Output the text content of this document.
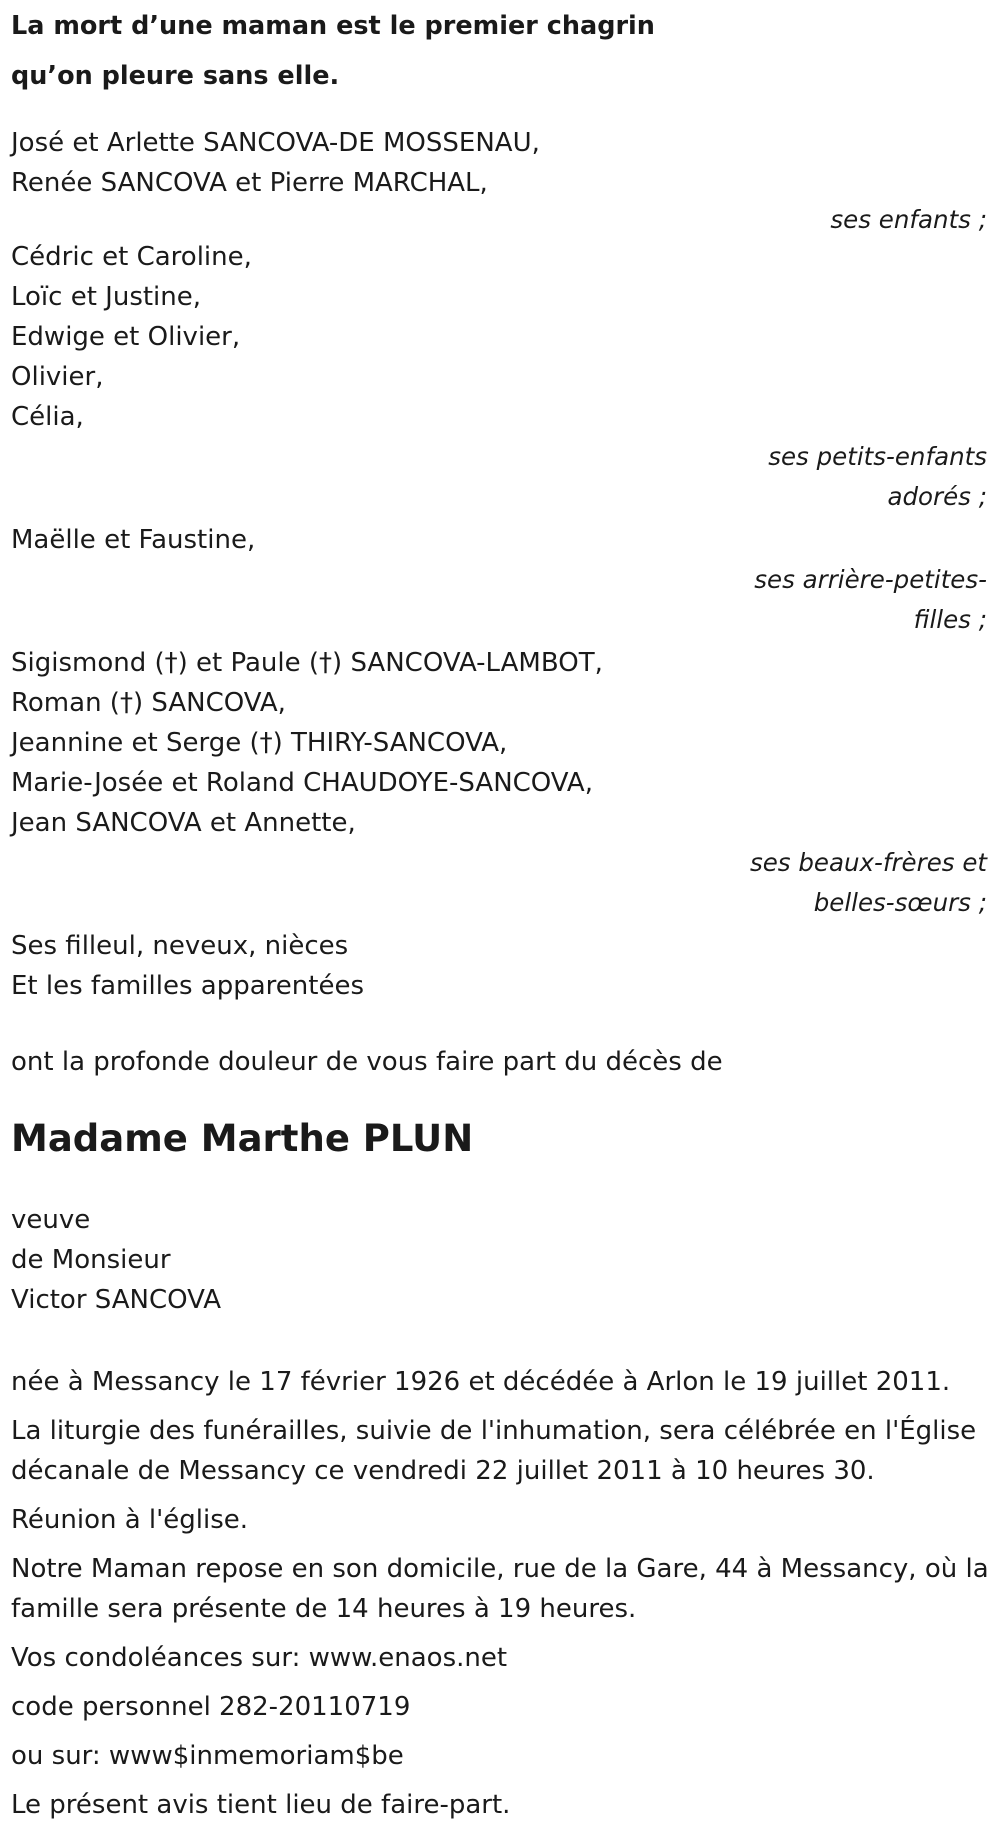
La mort d’une maman est le premier chagrin
qu’on pleure sans elle.
José et Arlette SANCOVA-DE MOSSENAU,
Renée SANCOVA et Pierre MARCHAL,
ses enfants ;
Cédric et Caroline,
Loïc et Justine,
Edwige et Olivier,
Olivier,
Célia,
ses petits-enfants
adorés ;
Maëlle et Faustine,
ses arrière-petites-
filles ;
Sigismond (†) et Paule (†) SANCOVA-LAMBOT,
Roman (†) SANCOVA,
Jeannine et Serge (†) THIRY-SANCOVA,
Marie-Josée et Roland CHAUDOYE-SANCOVA,
Jean SANCOVA et Annette,
ses beaux-frères et
belles-sœurs ;
Ses filleul, neveux, nièces
Et les familles apparentées
ont la profonde douleur de vous faire part du décès de
Madame Marthe PLUN
veuve
de Monsieur
Victor SANCOVA
née à Messancy le 17 février 1926 et décédée à Arlon le 19 juillet 2011.
La liturgie des funérailles, suivie de l'inhumation, sera célébrée en l'Église décanale de Messancy ce vendredi 22 juillet 2011 à 10 heures 30.
Réunion à l'église.
Notre Maman repose en son domicile, rue de la Gare, 44 à Messancy, où la famille sera présente de 14 heures à 19 heures.
Vos condoléances sur: www.enaos.net
code personnel 282-20110719
ou sur: www$inmemoriam$be
Le présent avis tient lieu de faire-part.
